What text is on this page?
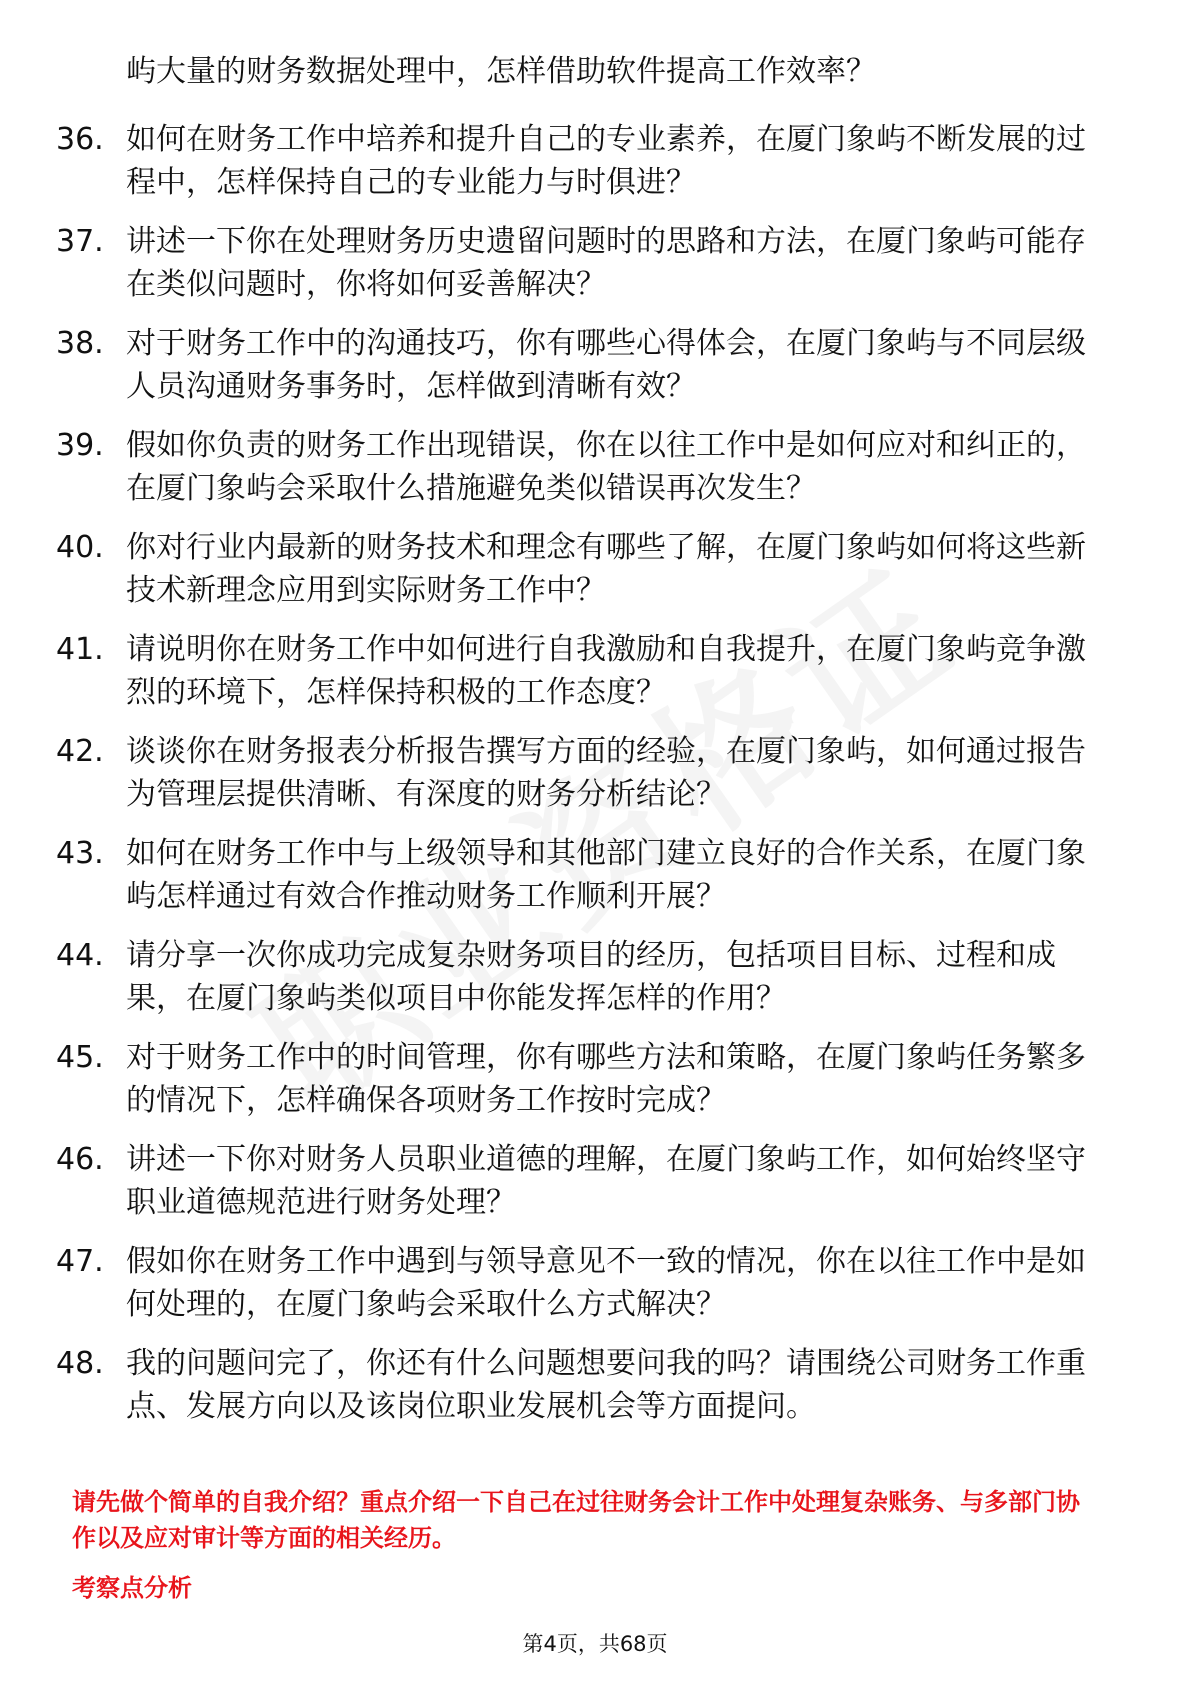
屿大量的财务数据处理中，怎样借助软件提高工作效率？
36. 如何在财务工作中培养和提升自己的专业素养，在厦门象屿不断发展的过程中，怎样保持自己的专业能力与时俱进？
37. 讲述一下你在处理财务历史遗留问题时的思路和方法，在厦门象屿可能存在类似问题时，你将如何妥善解决？
38. 对于财务工作中的沟通技巧，你有哪些心得体会，在厦门象屿与不同层级人员沟通财务事务时，怎样做到清晰有效？
39. 假如你负责的财务工作出现错误，你在以往工作中是如何应对和纠正的，在厦门象屿会采取什么措施避免类似错误再次发生？
40. 你对行业内最新的财务技术和理念有哪些了解，在厦门象屿如何将这些新技术新理念应用到实际财务工作中？
41. 请说明你在财务工作中如何进行自我激励和自我提升，在厦门象屿竞争激烈的环境下，怎样保持积极的工作态度？
42. 谈谈你在财务报表分析报告撰写方面的经验，在厦门象屿，如何通过报告为管理层提供清晰、有深度的财务分析结论？
43. 如何在财务工作中与上级领导和其他部门建立良好的合作关系，在厦门象屿怎样通过有效合作推动财务工作顺利开展？
44. 请分享一次你成功完成复杂财务项目的经历，包括项目目标、过程和成果，在厦门象屿类似项目中你能发挥怎样的作用？
45. 对于财务工作中的时间管理，你有哪些方法和策略，在厦门象屿任务繁多的情况下，怎样确保各项财务工作按时完成？
46. 讲述一下你对财务人员职业道德的理解，在厦门象屿工作，如何始终坚守职业道德规范进行财务处理？
47. 假如你在财务工作中遇到与领导意见不一致的情况，你在以往工作中是如何处理的，在厦门象屿会采取什么方式解决？
48. 我的问题问完了，你还有什么问题想要问我的吗？请围绕公司财务工作重点、发展方向以及该岗位职业发展机会等方面提问。
请先做个简单的自我介绍？重点介绍一下自己在过往财务会计工作中处理复杂账务、与多部门协作以及应对审计等方面的相关经历。
考察点分析
第4页，共68页
